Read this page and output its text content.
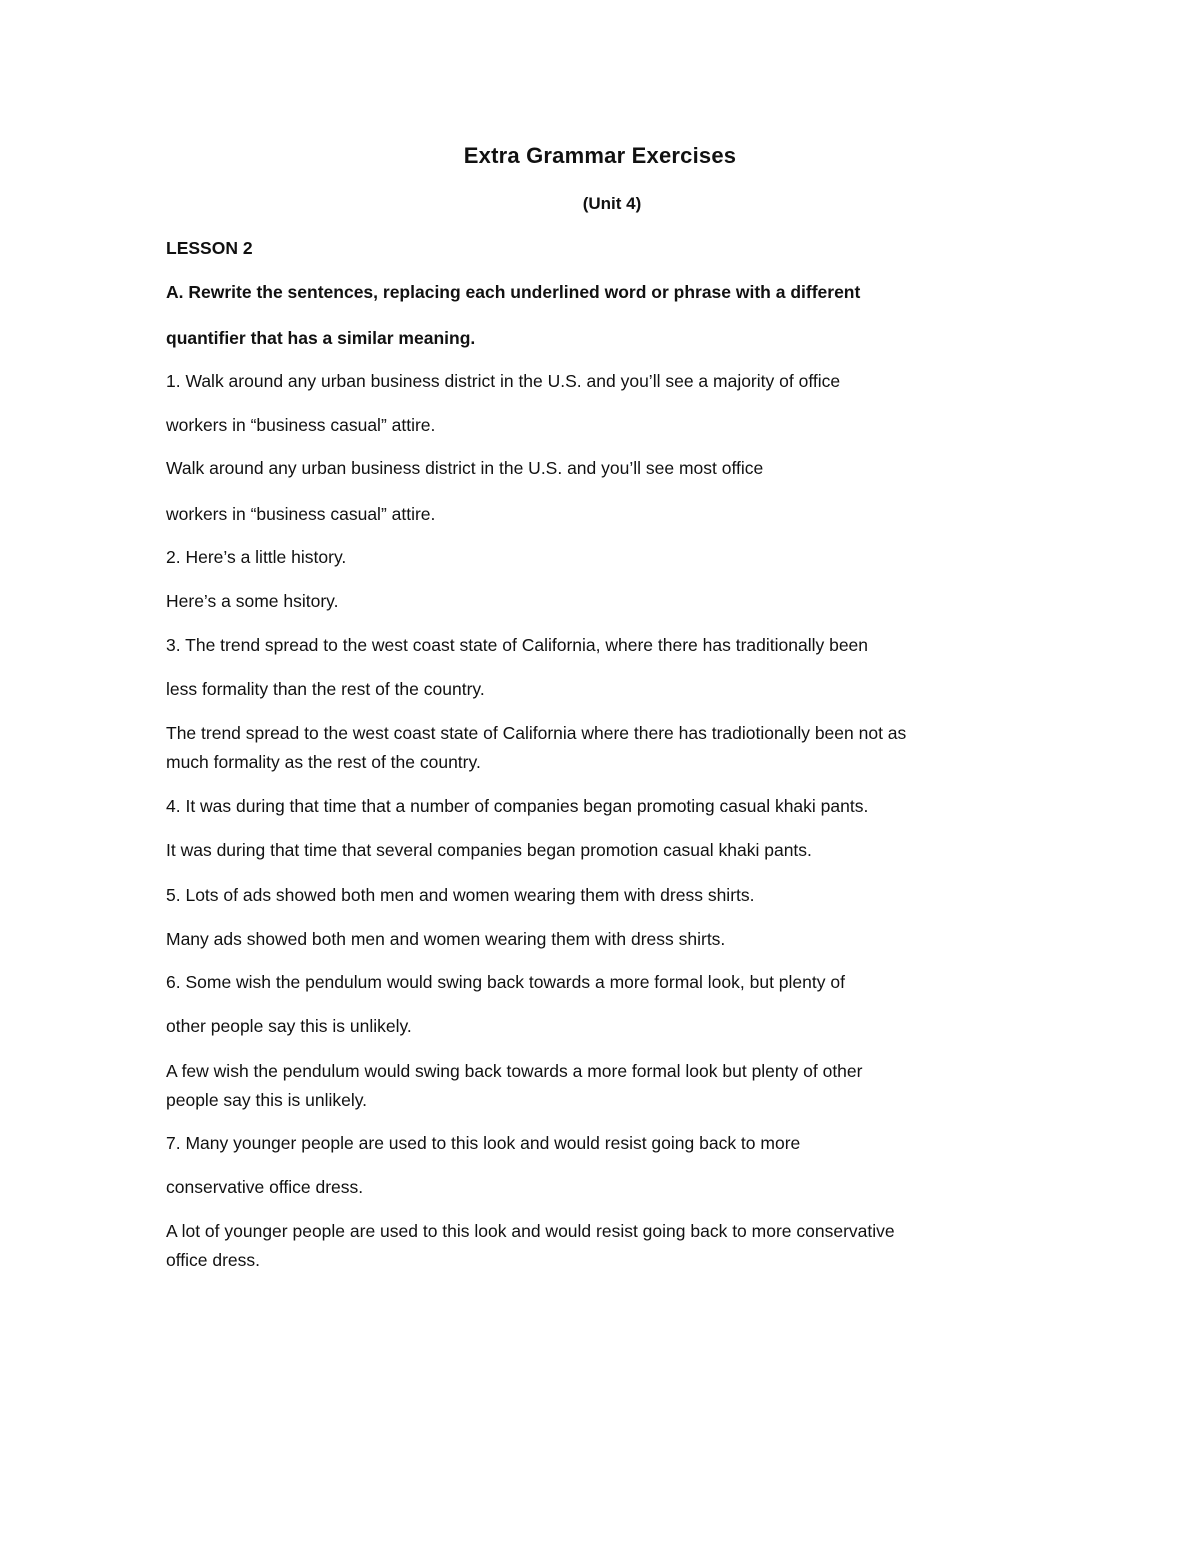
Extra Grammar Exercises
(Unit 4)
LESSON 2
A. Rewrite the sentences, replacing each underlined word or phrase with a different
quantifier that has a similar meaning.
1. Walk around any urban business district in the U.S. and you’ll see a majority of office
workers in “business casual” attire.
Walk around any urban business district in the U.S. and you’ll see most office
workers in “business casual” attire.
2. Here’s a little history.
Here’s a some hsitory.
3. The trend spread to the west coast state of California, where there has traditionally been
less formality than the rest of the country.
The trend spread to the west coast state of California where there has tradiotionally been not as
much formality as the rest of the country.
4. It was during that time that a number of companies began promoting casual khaki pants.
It was during that time that several companies began promotion casual khaki pants.
5. Lots of ads showed both men and women wearing them with dress shirts.
Many ads showed both men and women wearing them with dress shirts.
6. Some wish the pendulum would swing back towards a more formal look, but plenty of
other people say this is unlikely.
A few wish the pendulum would swing back towards a more formal look but plenty of other
people say this is unlikely.
7. Many younger people are used to this look and would resist going back to more
conservative office dress.
A lot of younger people are used to this look and would resist going back to more conservative
office dress.
